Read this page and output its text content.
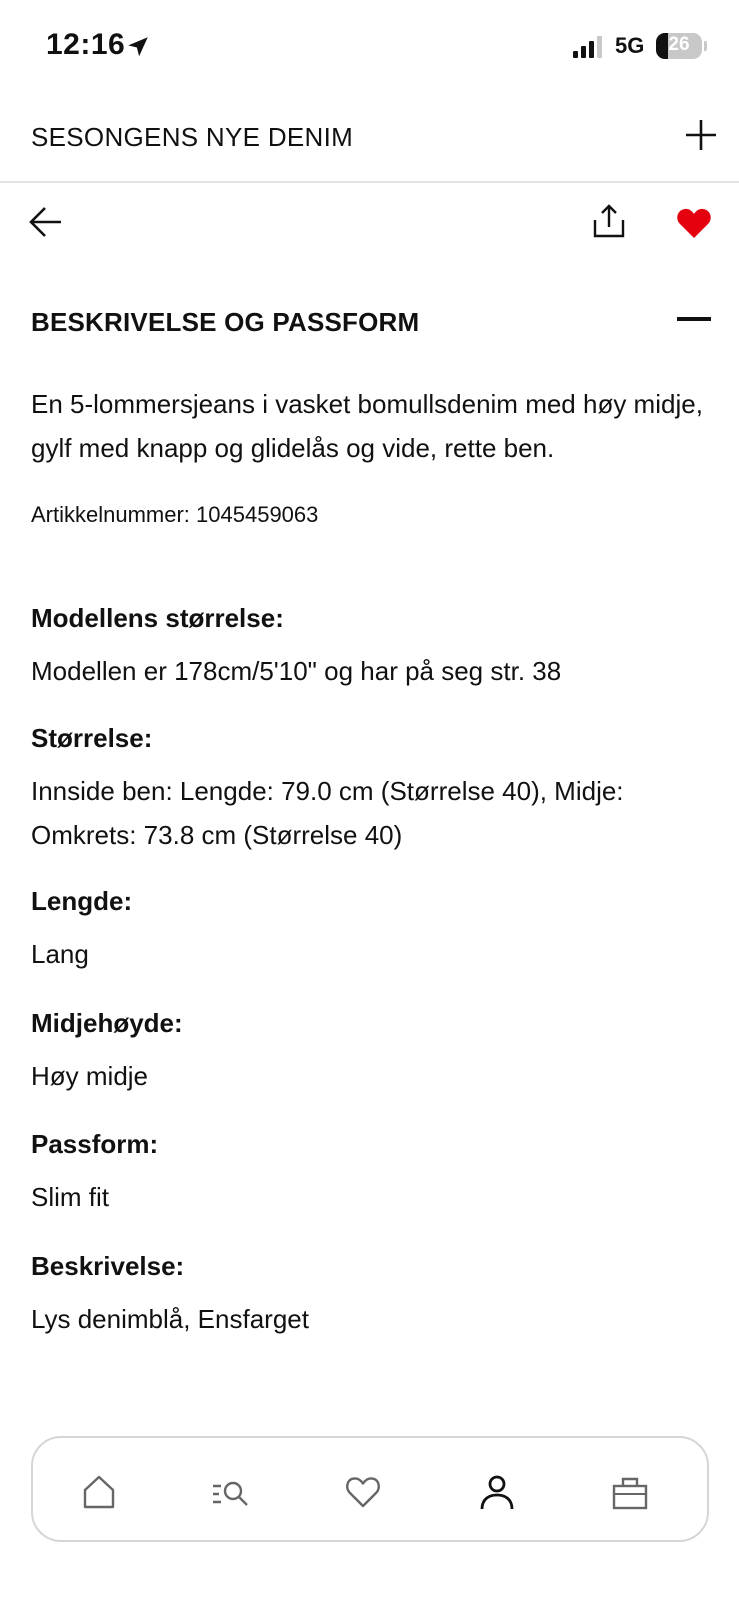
12:16	5G	26
SESONGENS NYE DENIM
BESKRIVELSE OG PASSFORM

En 5-lommersjeans i vasket bomullsdenim med høy midje, gylf med knapp og glidelås og vide, rette ben.

Artikkelnummer: 1045459063

Modellens størrelse:
Modellen er 178cm/5'10" og har på seg str. 38
Størrelse:
Innside ben: Lengde: 79.0 cm (Størrelse 40), Midje: Omkrets: 73.8 cm (Størrelse 40)
Lengde:
Lang
Midjehøyde:
Høy midje
Passform:
Slim fit
Beskrivelse:
Lys denimblå, Ensfarget
